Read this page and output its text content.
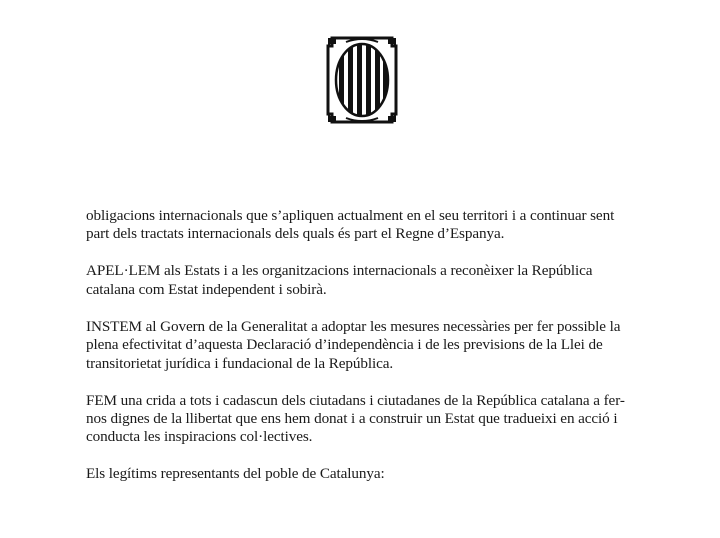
obligacions internacionals que s’apliquen actualment en el seu territori i a continuar sent
part dels tractats internacionals dels quals és part el Regne d’Espanya.

APEL·LEM als Estats i a les organitzacions internacionals a reconèixer la República
catalana com Estat independent i sobirà.

INSTEM al Govern de la Generalitat a adoptar les mesures necessàries per fer possible la
plena efectivitat d’aquesta Declaració d’independència i de les previsions de la Llei de
transitorietat jurídica i fundacional de la República.

FEM una crida a tots i cadascun dels ciutadans i ciutadanes de la República catalana a fer-
nos dignes de la llibertat que ens hem donat i a construir un Estat que tradueixi en acció i
conducta les inspiracions col·lectives.

Els legítims representants del poble de Catalunya:
